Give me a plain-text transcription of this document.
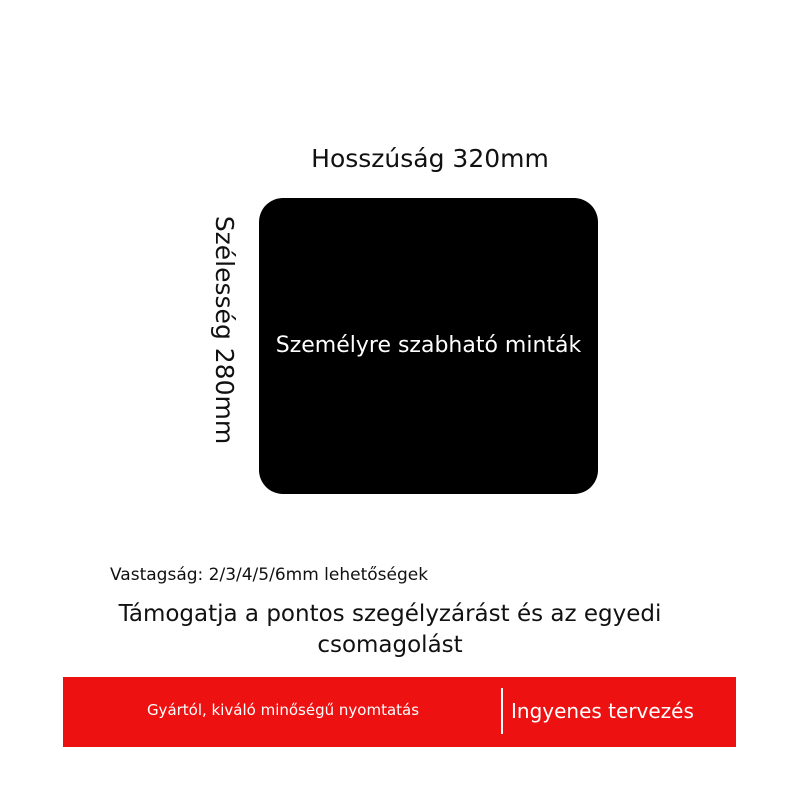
Hosszúság 320mm
Szélesség 280mm	Személyre szabható minták
Vastagság: 2/3/4/5/6mm lehetőségek
Támogatja a pontos szegélyzárást és az egyedi csomagolást
Gyártól, kiváló minőségű nyomtatás	Ingyenes tervezés
